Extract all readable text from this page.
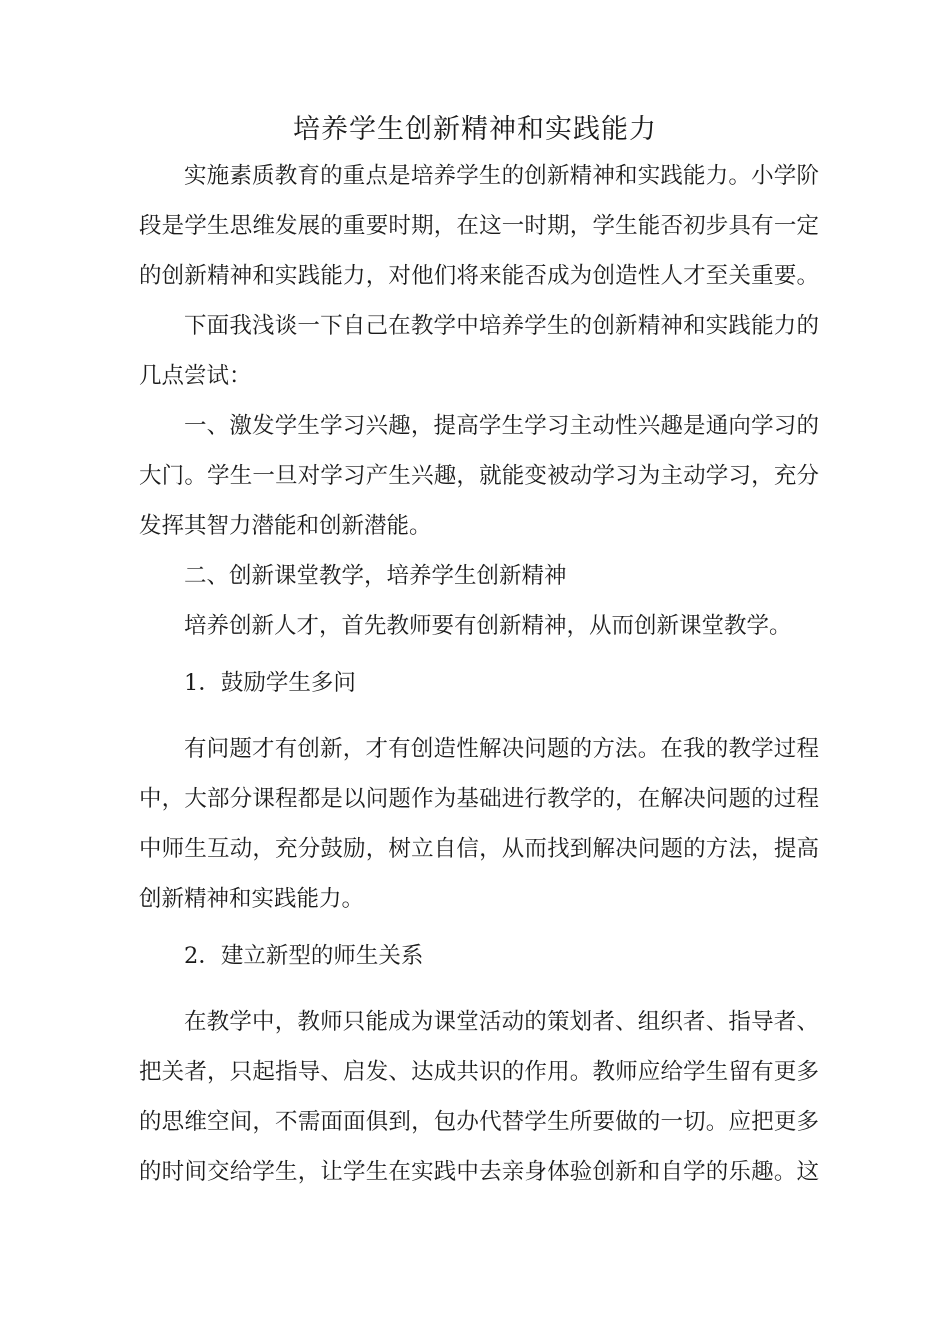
培养学生创新精神和实践能力
实施素质教育的重点是培养学生的创新精神和实践能力。小学阶
段是学生思维发展的重要时期，在这一时期，学生能否初步具有一定
的创新精神和实践能力，对他们将来能否成为创造性人才至关重要。
下面我浅谈一下自己在教学中培养学生的创新精神和实践能力的
几点尝试：
一、激发学生学习兴趣，提高学生学习主动性兴趣是通向学习的
大门。学生一旦对学习产生兴趣，就能变被动学习为主动学习，充分
发挥其智力潜能和创新潜能。
二、创新课堂教学，培养学生创新精神
培养创新人才，首先教师要有创新精神，从而创新课堂教学。
1．鼓励学生多问
有问题才有创新，才有创造性解决问题的方法。在我的教学过程
中，大部分课程都是以问题作为基础进行教学的，在解决问题的过程
中师生互动，充分鼓励，树立自信，从而找到解决问题的方法，提高
创新精神和实践能力。
2．建立新型的师生关系
在教学中，教师只能成为课堂活动的策划者、组织者、指导者、
把关者，只起指导、启发、达成共识的作用。教师应给学生留有更多
的思维空间，不需面面俱到，包办代替学生所要做的一切。应把更多
的时间交给学生，让学生在实践中去亲身体验创新和自学的乐趣。这
